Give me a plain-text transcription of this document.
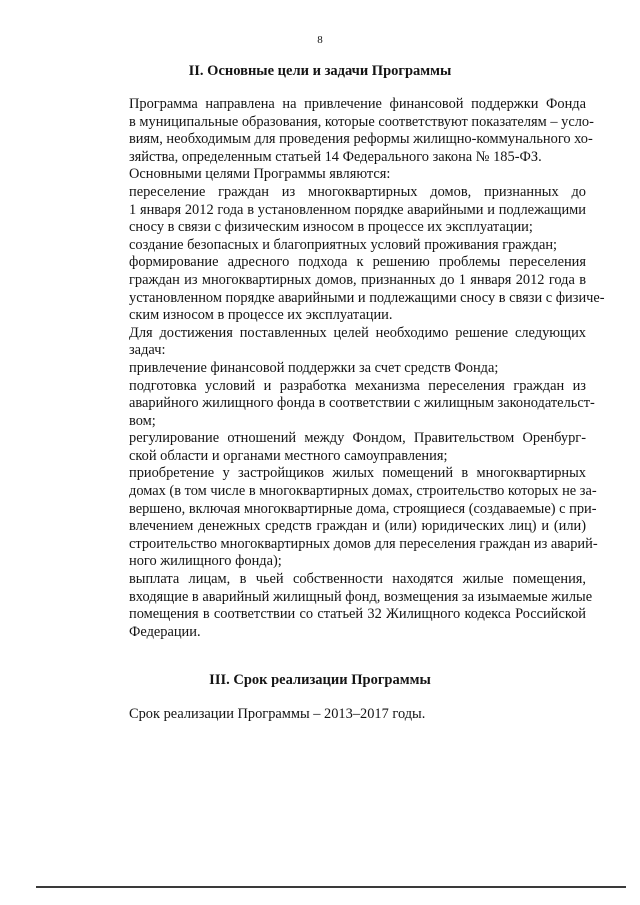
8
II. Основные цели и задачи Программы

Программа направлена на привлечение финансовой поддержки Фонда
в муниципальные образования, которые соответствуют показателям – усло-
виям, необходимым для проведения реформы жилищно-коммунального хо-
зяйства, определенным статьей 14 Федерального закона № 185-ФЗ.

Основными целями Программы являются:

переселение граждан из многоквартирных домов, признанных до
1 января 2012 года в установленном порядке аварийными и подлежащими
сносу в связи с физическим износом в процессе их эксплуатации;

создание безопасных и благоприятных условий проживания граждан;

формирование адресного подхода к решению проблемы переселения
граждан из многоквартирных домов, признанных до 1 января 2012 года в
установленном порядке аварийными и подлежащими сносу в связи с физиче-
ским износом в процессе их эксплуатации.

Для достижения поставленных целей необходимо решение следующих
задач:

привлечение финансовой поддержки за счет средств Фонда;

подготовка условий и разработка механизма переселения граждан из
аварийного жилищного фонда в соответствии с жилищным законодательст-
вом;

регулирование отношений между Фондом, Правительством Оренбург-
ской области и органами местного самоуправления;

приобретение у застройщиков жилых помещений в многоквартирных
домах (в том числе в многоквартирных домах, строительство которых не за-
вершено, включая многоквартирные дома, строящиеся (создаваемые) с при-
влечением денежных средств граждан и (или) юридических лиц) и (или)
строительство многоквартирных домов для переселения граждан из аварий-
ного жилищного фонда);

выплата лицам, в чьей собственности находятся жилые помещения,
входящие в аварийный жилищный фонд, возмещения за изымаемые жилые
помещения в соответствии со статьей 32 Жилищного кодекса Российской
Федерации.

III. Срок реализации Программы

Срок реализации Программы – 2013–2017 годы.
